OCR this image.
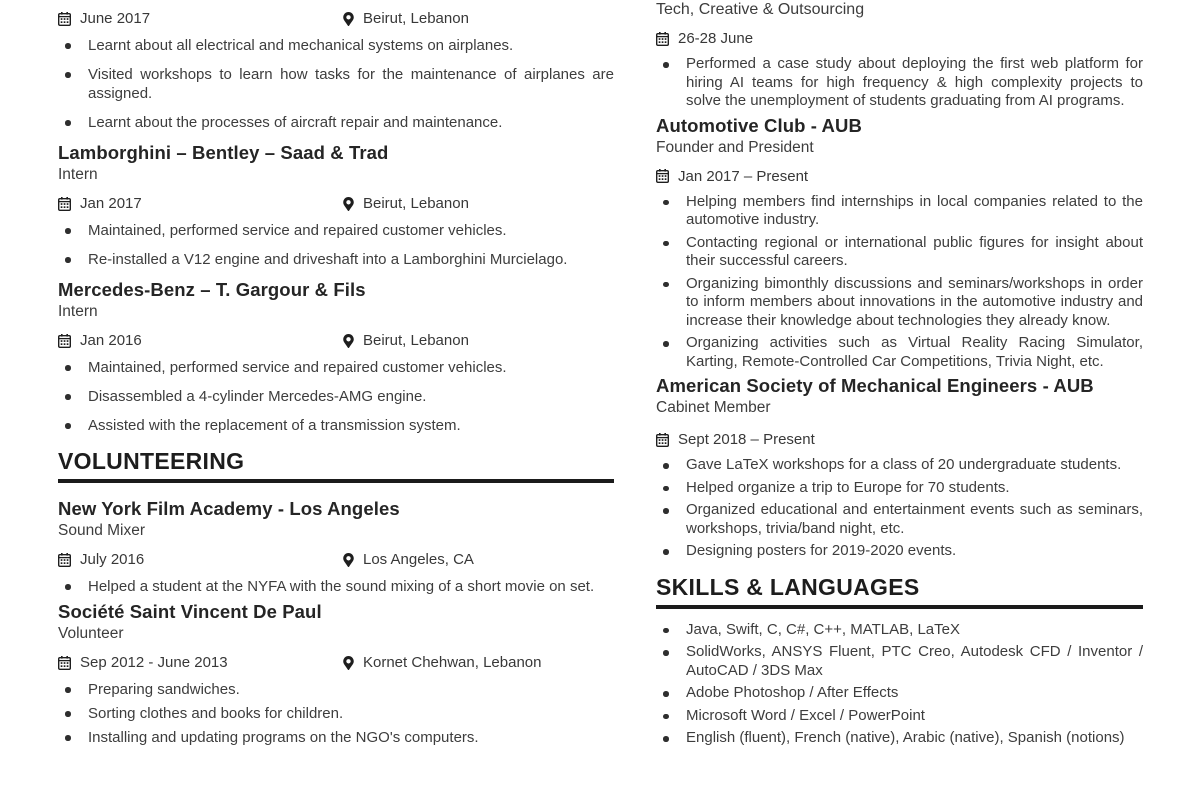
June 2017	Beirut, Lebanon
Learnt about all electrical and mechanical systems on airplanes.
Visited workshops to learn how tasks for the maintenance of airplanes are assigned.
Learnt about the processes of aircraft repair and maintenance.
Lamborghini – Bentley – Saad & Trad
Intern
Jan 2017	Beirut, Lebanon
Maintained, performed service and repaired customer vehicles.
Re-installed a V12 engine and driveshaft into a Lamborghini Murcielago.
Mercedes-Benz – T. Gargour & Fils
Intern
Jan 2016	Beirut, Lebanon
Maintained, performed service and repaired customer vehicles.
Disassembled a 4-cylinder Mercedes-AMG engine.
Assisted with the replacement of a transmission system.
VOLUNTEERING
New York Film Academy - Los Angeles
Sound Mixer
July 2016	Los Angeles, CA
Helped a student at the NYFA with the sound mixing of a short movie on set.
Société Saint Vincent De Paul
Volunteer
Sep 2012 - June 2013	Kornet Chehwan, Lebanon
Preparing sandwiches.
Sorting clothes and books for children.
Installing and updating programs on the NGO's computers.
Tech, Creative & Outsourcing
26-28 June
Performed a case study about deploying the first web platform for hiring AI teams for high frequency & high complexity projects to solve the unemployment of students graduating from AI programs.
Automotive Club - AUB
Founder and President
Jan 2017 – Present
Helping members find internships in local companies related to the automotive industry.
Contacting regional or international public figures for insight about their successful careers.
Organizing bimonthly discussions and seminars/workshops in order to inform members about innovations in the automotive industry and increase their knowledge about technologies they already know.
Organizing activities such as Virtual Reality Racing Simulator, Karting, Remote-Controlled Car Competitions, Trivia Night, etc.
American Society of Mechanical Engineers - AUB
Cabinet Member
Sept 2018 – Present
Gave LaTeX workshops for a class of 20 undergraduate students.
Helped organize a trip to Europe for 70 students.
Organized educational and entertainment events such as seminars, workshops, trivia/band night, etc.
Designing posters for 2019-2020 events.
SKILLS & LANGUAGES
Java, Swift, C, C#, C++, MATLAB, LaTeX
SolidWorks, ANSYS Fluent, PTC Creo, Autodesk CFD / Inventor / AutoCAD / 3DS Max
Adobe Photoshop / After Effects
Microsoft Word / Excel / PowerPoint
English (fluent), French (native), Arabic (native), Spanish (notions)
